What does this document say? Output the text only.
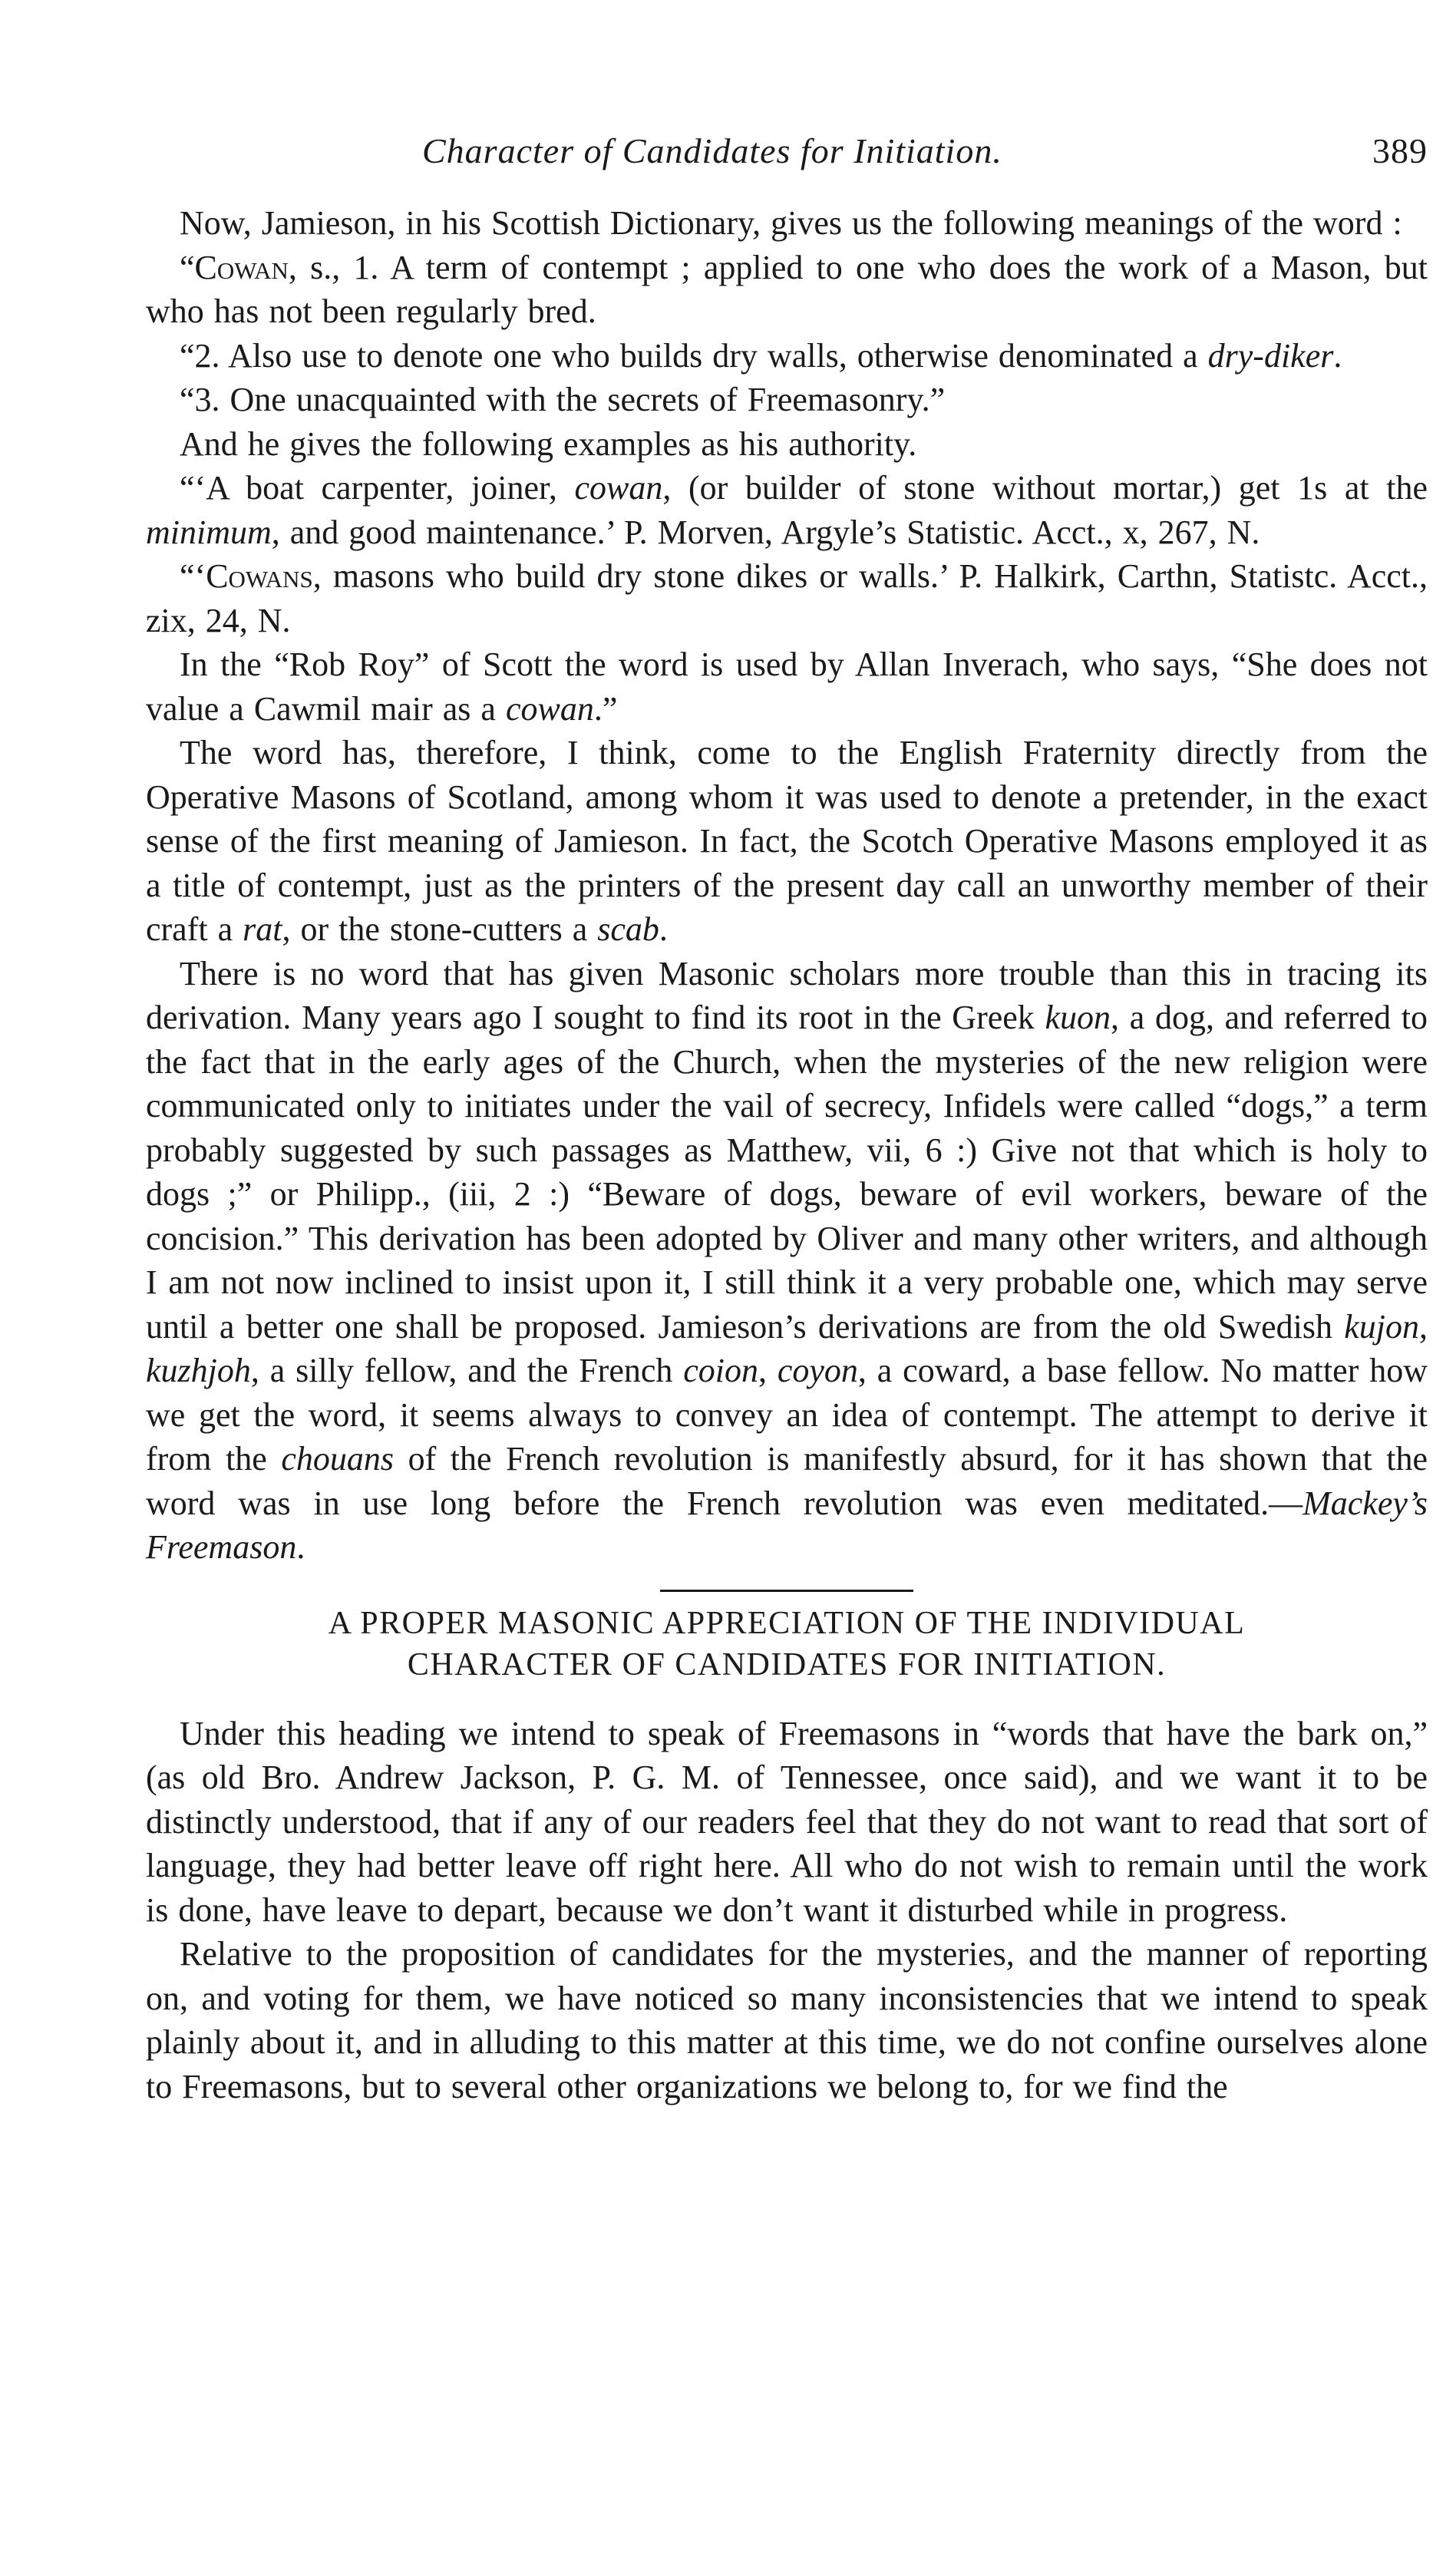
Character of Candidates for Initiation.	389

Now, Jamieson, in his Scottish Dictionary, gives us the following meanings of the word :

“Cowan, s., 1. A term of contempt ; applied to one who does the work of a Mason, but who has not been regularly bred.

“2. Also use to denote one who builds dry walls, otherwise denominated a dry-diker.

“3. One unacquainted with the secrets of Freemasonry.”

And he gives the following examples as his authority.

“‘A boat carpenter, joiner, cowan, (or builder of stone without mortar,) get 1s at the minimum, and good maintenance.’ P. Morven, Argyle’s Statistic. Acct., x, 267, N.

“‘Cowans, masons who build dry stone dikes or walls.’ P. Halkirk, Carthn, Statistc. Acct., zix, 24, N.

In the “Rob Roy” of Scott the word is used by Allan Inverach, who says, “She does not value a Cawmil mair as a cowan.”

The word has, therefore, I think, come to the English Fraternity directly from the Operative Masons of Scotland, among whom it was used to denote a pretender, in the exact sense of the first meaning of Jamieson. In fact, the Scotch Operative Masons employed it as a title of contempt, just as the printers of the present day call an unworthy member of their craft a rat, or the stone-cutters a scab.

There is no word that has given Masonic scholars more trouble than this in tracing its derivation. Many years ago I sought to find its root in the Greek kuon, a dog, and referred to the fact that in the early ages of the Church, when the mysteries of the new religion were communicated only to initiates under the vail of secrecy, Infidels were called “dogs,” a term probably suggested by such passages as Matthew, vii, 6 :) Give not that which is holy to dogs ;” or Philipp., (iii, 2 :) “Beware of dogs, beware of evil workers, beware of the concision.” This derivation has been adopted by Oliver and many other writers, and although I am not now inclined to insist upon it, I still think it a very probable one, which may serve until a better one shall be proposed. Jamieson’s derivations are from the old Swedish kujon, kuzhjoh, a silly fellow, and the French coion, coyon, a coward, a base fellow. No matter how we get the word, it seems always to convey an idea of contempt. The attempt to derive it from the chouans of the French revolution is manifestly absurd, for it has shown that the word was in use long before the French revolution was even meditated.—Mackey’s Freemason.

A PROPER MASONIC APPRECIATION OF THE INDIVIDUAL
CHARACTER OF CANDIDATES FOR INITIATION.

Under this heading we intend to speak of Freemasons in “words that have the bark on,” (as old Bro. Andrew Jackson, P. G. M. of Tennessee, once said), and we want it to be distinctly understood, that if any of our readers feel that they do not want to read that sort of language, they had better leave off right here. All who do not wish to remain until the work is done, have leave to depart, because we don’t want it disturbed while in progress.

Relative to the proposition of candidates for the mysteries, and the manner of reporting on, and voting for them, we have noticed so many inconsistencies that we intend to speak plainly about it, and in alluding to this matter at this time, we do not confine ourselves alone to Freemasons, but to several other organizations we belong to, for we find the
